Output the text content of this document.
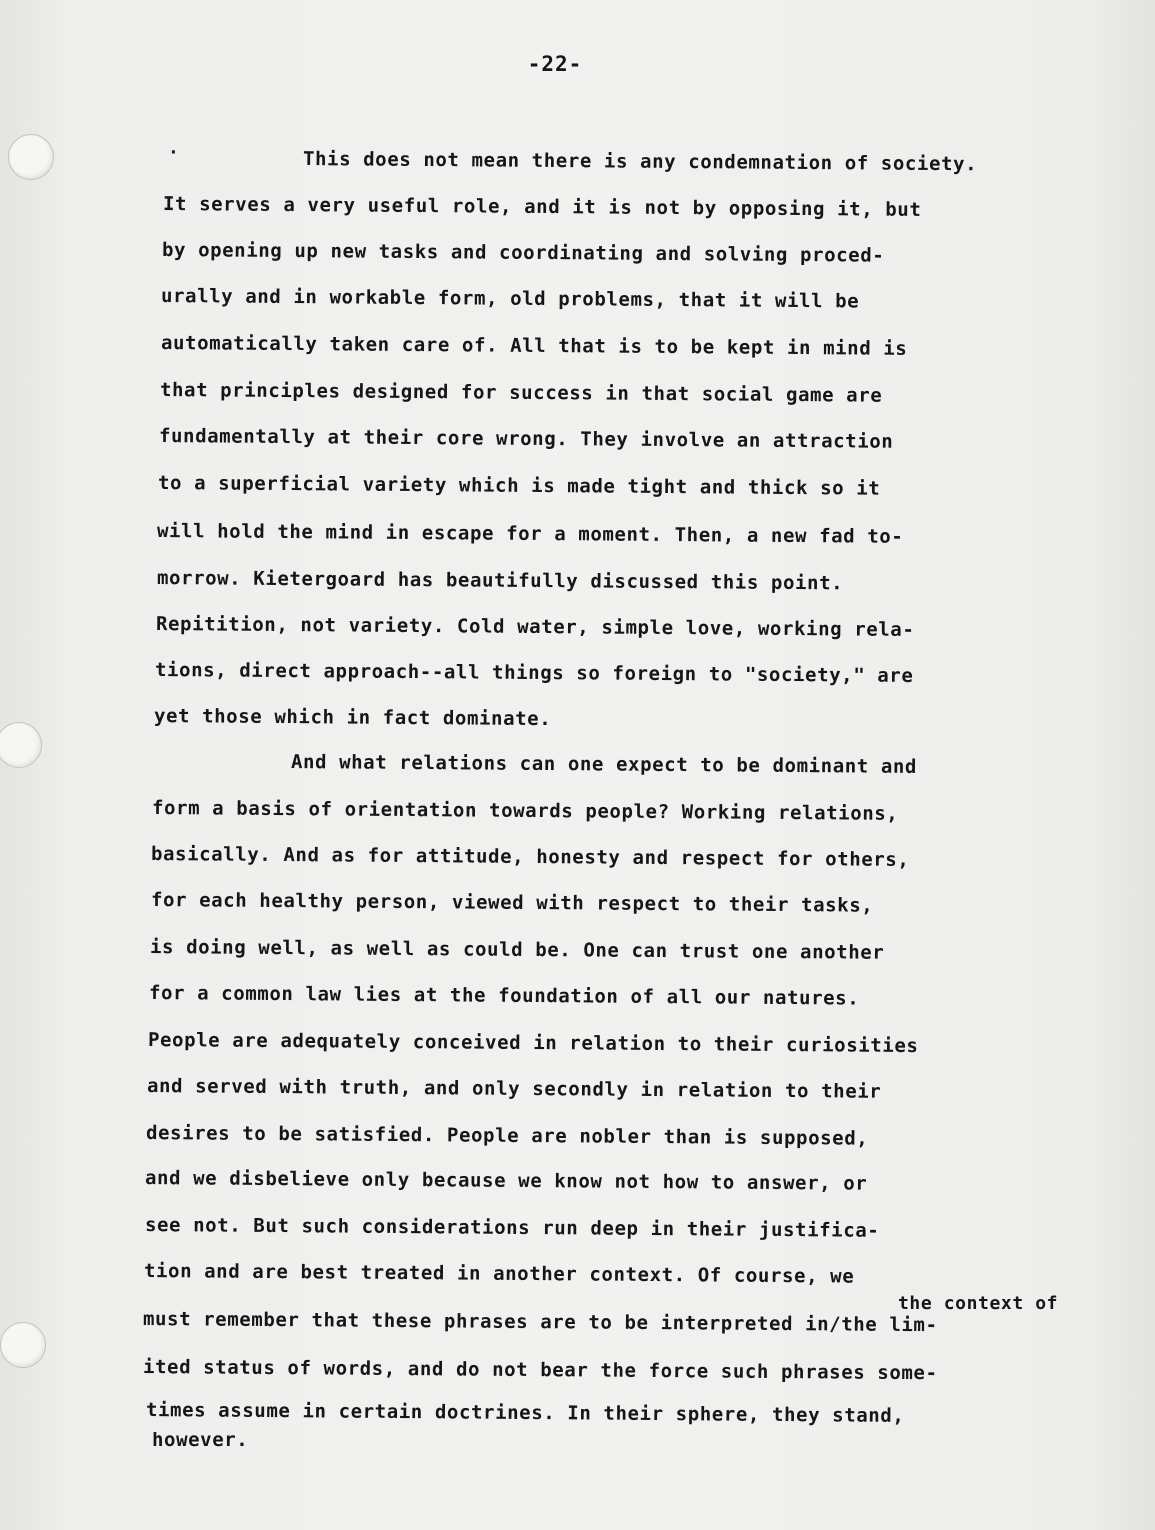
-22-
·	This does not mean there is any condemnation of society.

It serves a very useful role, and it is not by opposing it, but

by opening up new tasks and coordinating and solving proced-

urally and in workable form, old problems, that it will be

automatically taken care of. All that is to be kept in mind is

that principles designed for success in that social game are

fundamentally at their core wrong. They involve an attraction

to a superficial variety which is made tight and thick so it

will hold the mind in escape for a moment. Then, a new fad to-

morrow. Kietergoard has beautifully discussed this point.

Repitition, not variety. Cold water, simple love, working rela-

tions, direct approach--all things so foreign to "society," are

yet those which in fact dominate.

And what relations can one expect to be dominant and

form a basis of orientation towards people? Working relations,

basically. And as for attitude, honesty and respect for others,

for each healthy person, viewed with respect to their tasks,

is doing well, as well as could be. One can trust one another

for a common law lies at the foundation of all our natures.

People are adequately conceived in relation to their curiosities

and served with truth, and only secondly in relation to their

desires to be satisfied. People are nobler than is supposed,

and we disbelieve only because we know not how to answer, or

see not. But such considerations run deep in their justifica-

tion and are best treated in another context. Of course, we

the context of

must remember that these phrases are to be interpreted in/the lim-

ited status of words, and do not bear the force such phrases some-

times assume in certain doctrines. In their sphere, they stand,

however.
